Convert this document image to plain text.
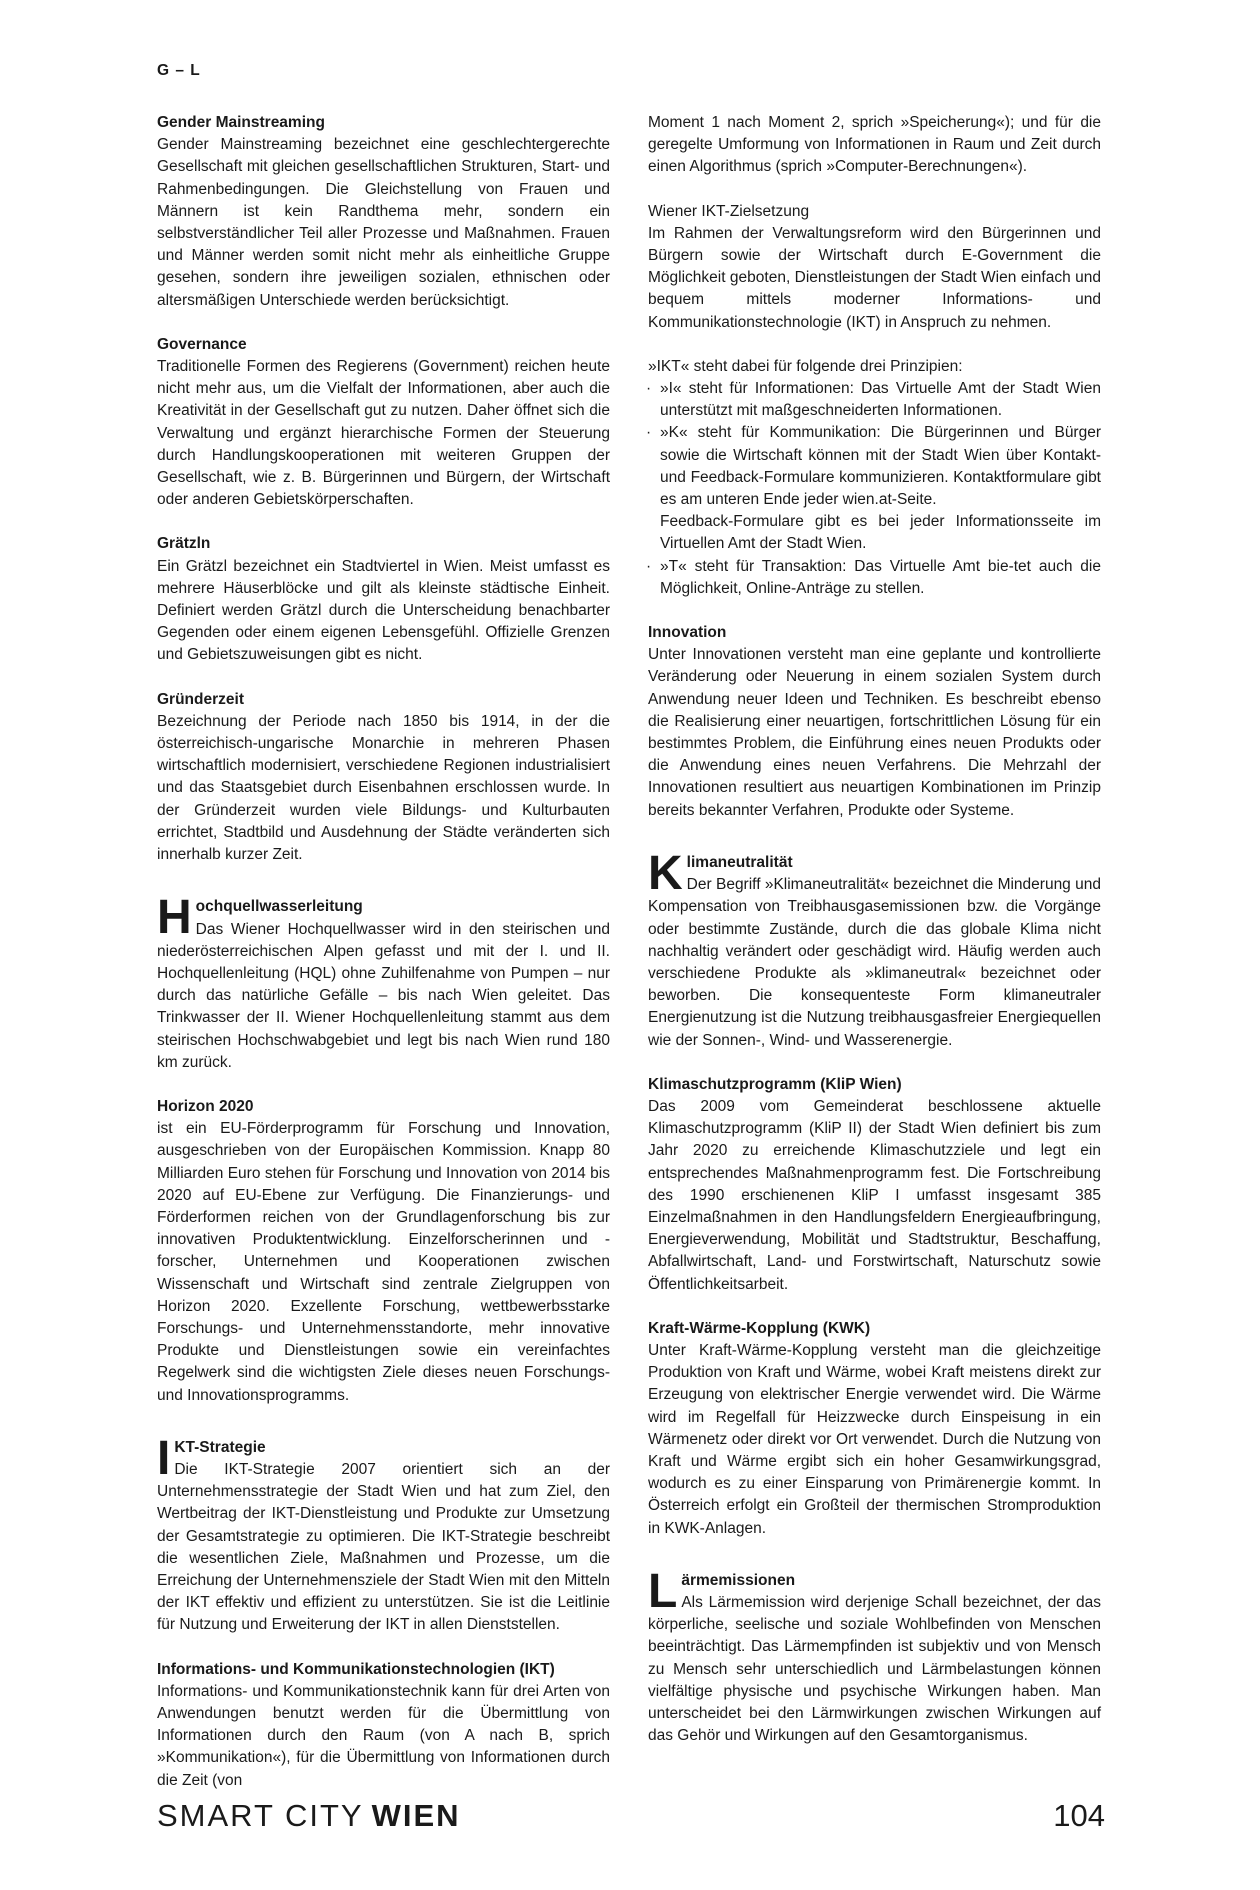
G – L

Gender Mainstreaming
Gender Mainstreaming bezeichnet eine geschlechtergerechte Gesellschaft mit gleichen gesellschaftlichen Strukturen, Start- und Rahmenbedingungen. Die Gleichstellung von Frauen und Männern ist kein Randthema mehr, sondern ein selbstverständlicher Teil aller Prozesse und Maßnahmen. Frauen und Männer werden somit nicht mehr als einheitliche Gruppe gesehen, sondern ihre jeweiligen sozialen, ethnischen oder altersmäßigen Unterschiede werden berücksichtigt.

Governance
Traditionelle Formen des Regierens (Government) reichen heute nicht mehr aus, um die Vielfalt der Informationen, aber auch die Kreativität in der Gesellschaft gut zu nutzen. Daher öffnet sich die Verwaltung und ergänzt hierarchische Formen der Steuerung durch Handlungskooperationen mit weiteren Gruppen der Gesellschaft, wie z. B. Bürgerinnen und Bürgern, der Wirtschaft oder anderen Gebietskörperschaften.

Grätzln
Ein Grätzl bezeichnet ein Stadtviertel in Wien. Meist umfasst es mehrere Häuserblöcke und gilt als kleinste städtische Einheit. Definiert werden Grätzl durch die Unterscheidung benachbarter Gegenden oder einem eigenen Lebensgefühl. Offizielle Grenzen und Gebietszuweisungen gibt es nicht.

Gründerzeit
Bezeichnung der Periode nach 1850 bis 1914, in der die österreichisch-ungarische Monarchie in mehreren Phasen wirtschaftlich modernisiert, verschiedene Regionen industrialisiert und das Staatsgebiet durch Eisenbahnen erschlossen wurde. In der Gründerzeit wurden viele Bildungs- und Kulturbauten errichtet, Stadtbild und Ausdehnung der Städte veränderten sich innerhalb kurzer Zeit.

H ochquellwasserleitung
Das Wiener Hochquellwasser wird in den steirischen und niederösterreichischen Alpen gefasst und mit der I. und II. Hochquellenleitung (HQL) ohne Zuhilfenahme von Pumpen – nur durch das natürliche Gefälle – bis nach Wien geleitet. Das Trinkwasser der II. Wiener Hochquellenleitung stammt aus dem steirischen Hochschwabgebiet und legt bis nach Wien rund 180 km zurück.

Horizon 2020
ist ein EU-Förderprogramm für Forschung und Innovation, ausgeschrieben von der Europäischen Kommission. Knapp 80 Milliarden Euro stehen für Forschung und Innovation von 2014 bis 2020 auf EU-Ebene zur Verfügung. Die Finanzierungs- und Förderformen reichen von der Grundlagenforschung bis zur innovativen Produktentwicklung. Einzelforscherinnen und -forscher, Unternehmen und Kooperationen zwischen Wissenschaft und Wirtschaft sind zentrale Zielgruppen von Horizon 2020. Exzellente Forschung, wettbewerbsstarke Forschungs- und Unternehmensstandorte, mehr innovative Produkte und Dienstleistungen sowie ein vereinfachtes Regelwerk sind die wichtigsten Ziele dieses neuen Forschungs- und Innovationsprogramms.

I KT-Strategie
Die IKT-Strategie 2007 orientiert sich an der Unternehmensstrategie der Stadt Wien und hat zum Ziel, den Wertbeitrag der IKT-Dienstleistung und Produkte zur Umsetzung der Gesamtstrategie zu optimieren. Die IKT-Strategie beschreibt die wesentlichen Ziele, Maßnahmen und Prozesse, um die Erreichung der Unternehmensziele der Stadt Wien mit den Mitteln der IKT effektiv und effizient zu unterstützen. Sie ist die Leitlinie für Nutzung und Erweiterung der IKT in allen Dienststellen.

Informations- und Kommunikationstechnologien (IKT)
Informations- und Kommunikationstechnik kann für drei Arten von Anwendungen benutzt werden für die Übermittlung von Informationen durch den Raum (von A nach B, sprich »Kommunikation«), für die Übermittlung von Informationen durch die Zeit (von

Moment 1 nach Moment 2, sprich »Speicherung«); und für die geregelte Umformung von Informationen in Raum und Zeit durch einen Algorithmus (sprich »Computer-Berechnungen«).

Wiener IKT-Zielsetzung
Im Rahmen der Verwaltungsreform wird den Bürgerinnen und Bürgern sowie der Wirtschaft durch E-Government die Möglichkeit geboten, Dienstleistungen der Stadt Wien einfach und bequem mittels moderner Informations- und Kommunikationstechnologie (IKT) in Anspruch zu nehmen.

»IKT« steht dabei für folgende drei Prinzipien:

· »I« steht für Informationen: Das Virtuelle Amt der Stadt Wien unterstützt mit maßgeschneiderten Informationen.
· »K« steht für Kommunikation: Die Bürgerinnen und Bürger sowie die Wirtschaft können mit der Stadt Wien über Kontakt- und Feedback-Formulare kommunizieren. Kontaktformulare gibt es am unteren Ende jeder wien.at-Seite.
Feedback-Formulare gibt es bei jeder Informationsseite im Virtuellen Amt der Stadt Wien.
· »T« steht für Transaktion: Das Virtuelle Amt bie-tet auch die Möglichkeit, Online-Anträge zu stellen.

Innovation
Unter Innovationen versteht man eine geplante und kontrollierte Veränderung oder Neuerung in einem sozialen System durch Anwendung neuer Ideen und Techniken. Es beschreibt ebenso die Realisierung einer neuartigen, fortschrittlichen Lösung für ein bestimmtes Problem, die Einführung eines neuen Produkts oder die Anwendung eines neuen Verfahrens. Die Mehrzahl der Innovationen resultiert aus neuartigen Kombinationen im Prinzip bereits bekannter Verfahren, Produkte oder Systeme.

K limaneutralität
Der Begriff »Klimaneutralität« bezeichnet die Minderung und Kompensation von Treibhausgasemissionen bzw. die Vorgänge oder bestimmte Zustände, durch die das globale Klima nicht nachhaltig verändert oder geschädigt wird. Häufig werden auch verschiedene Produkte als »klimaneutral« bezeichnet oder beworben. Die konsequenteste Form klimaneutraler Energienutzung ist die Nutzung treibhausgasfreier Energiequellen wie der Sonnen-, Wind- und Wasserenergie.

Klimaschutzprogramm (KliP Wien)
Das 2009 vom Gemeinderat beschlossene aktuelle Klimaschutzprogramm (KliP II) der Stadt Wien definiert bis zum Jahr 2020 zu erreichende Klimaschutzziele und legt ein entsprechendes Maßnahmenprogramm fest. Die Fortschreibung des 1990 erschienenen KliP I umfasst insgesamt 385 Einzelmaßnahmen in den Handlungsfeldern Energieaufbringung, Energieverwendung, Mobilität und Stadtstruktur, Beschaffung, Abfallwirtschaft, Land- und Forstwirtschaft, Naturschutz sowie Öffentlichkeitsarbeit.

Kraft-Wärme-Kopplung (KWK)
Unter Kraft-Wärme-Kopplung versteht man die gleichzeitige Produktion von Kraft und Wärme, wobei Kraft meistens direkt zur Erzeugung von elektrischer Energie verwendet wird. Die Wärme wird im Regelfall für Heizzwecke durch Einspeisung in ein Wärmenetz oder direkt vor Ort verwendet. Durch die Nutzung von Kraft und Wärme ergibt sich ein hoher Gesamwirkungsgrad, wodurch es zu einer Einsparung von Primärenergie kommt. In Österreich erfolgt ein Großteil der thermischen Stromproduktion in KWK-Anlagen.

L ärmemissionen
Als Lärmemission wird derjenige Schall bezeichnet, der das körperliche, seelische und soziale Wohlbefinden von Menschen beeinträchtigt. Das Lärmempfinden ist subjektiv und von Mensch zu Mensch sehr unterschiedlich und Lärmbelastungen können vielfältige physische und psychische Wirkungen haben. Man unterscheidet bei den Lärmwirkungen zwischen Wirkungen auf das Gehör und Wirkungen auf den Gesamtorganismus.

SMART CITY WIEN	104
